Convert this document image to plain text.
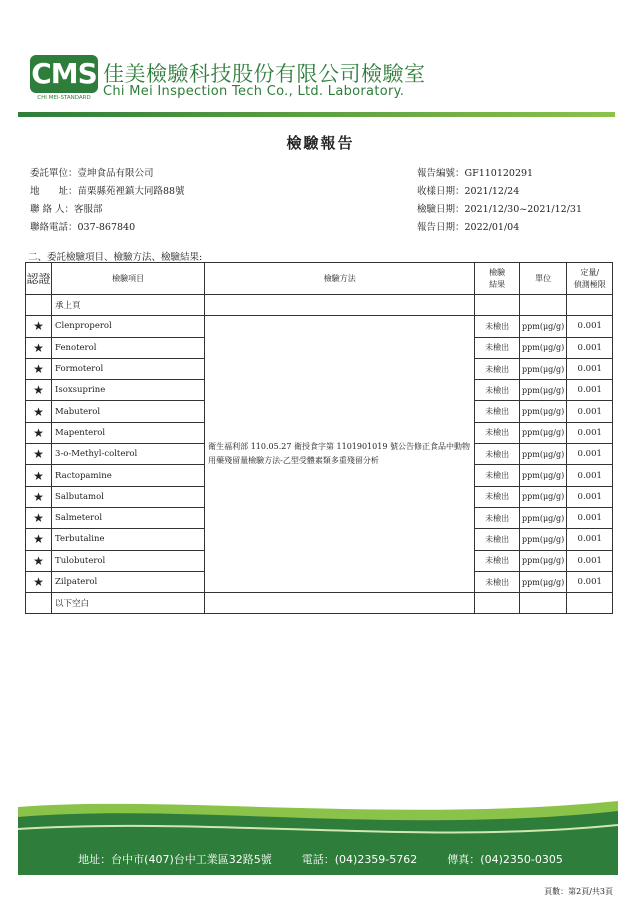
CMS
CHI MEI-STANDARD
佳美檢驗科技股份有限公司檢驗室
Chi Mei Inspection Tech Co., Ltd. Laboratory.
檢驗報告
委託單位：壹坤食品有限公司
地　　址：苗栗縣苑裡鎮大同路88號
聯 絡 人：客服部
聯絡電話：037-867840
報告編號：GF110120291
收樣日期：2021/12/24
檢驗日期：2021/12/30~2021/12/31
報告日期：2022/01/04
二、委託檢驗項目、檢驗方法、檢驗結果:
認證	檢驗項目	檢驗方法	檢驗
結果	單位	定量/
偵測極限
	承上頁				
★	Clenproperol	衛生福利部 110.05.27 衛授食字第 1101901019 號公告修正食品中動物用藥殘留量檢驗方法-乙型受體素類多重殘留分析	未檢出	ppm(μg/g)	0.001
★	Fenoterol		未檢出	ppm(μg/g)	0.001
★	Formoterol		未檢出	ppm(μg/g)	0.001
★	Isoxsuprine		未檢出	ppm(μg/g)	0.001
★	Mabuterol		未檢出	ppm(μg/g)	0.001
★	Mapenterol		未檢出	ppm(μg/g)	0.001
★	3-o-Methyl-colterol		未檢出	ppm(μg/g)	0.001
★	Ractopamine		未檢出	ppm(μg/g)	0.001
★	Salbutamol		未檢出	ppm(μg/g)	0.001
★	Salmeterol		未檢出	ppm(μg/g)	0.001
★	Terbutaline		未檢出	ppm(μg/g)	0.001
★	Tulobuterol		未檢出	ppm(μg/g)	0.001
★	Zilpaterol		未檢出	ppm(μg/g)	0.001
	以下空白				
地址：台中市(407)台中工業區32路5號	電話：(04)2359-5762	傳真：(04)2350-0305
頁數：第2頁/共3頁
